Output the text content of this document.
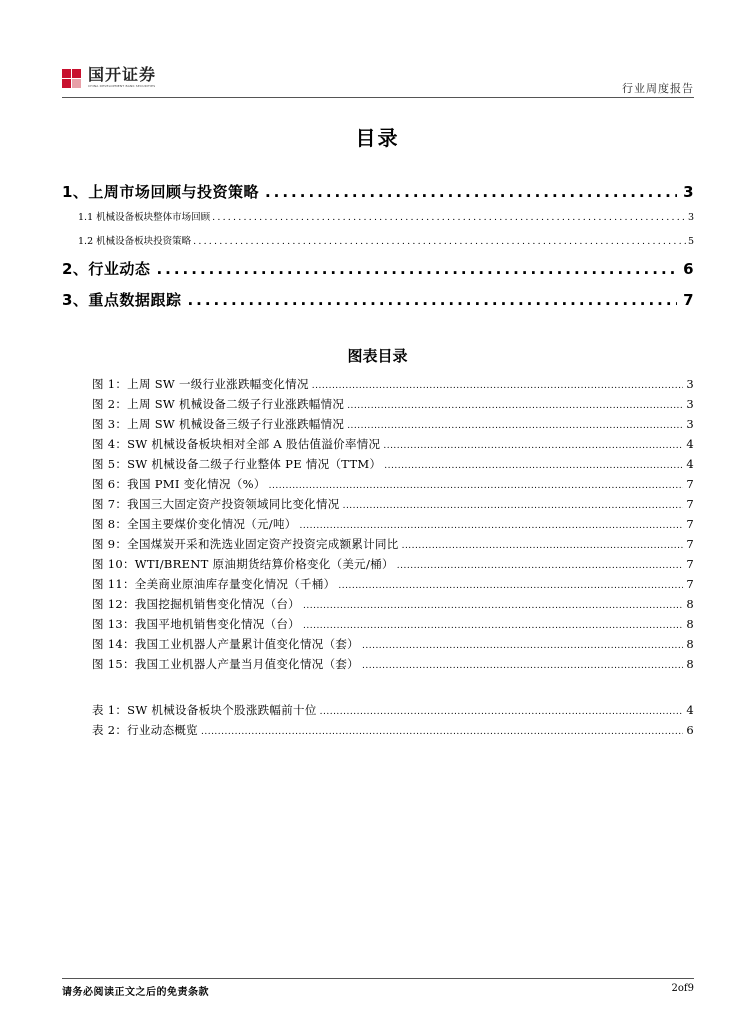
国开证券
CHINA DEVELOPMENT BANK SECURITIES	行业周度报告
目录
1、上周市场回顾与投资策略 .....	3
1.1 机械设备板块整体市场回顾 .....	3
1.2 机械设备板块投资策略 .....	5
2、行业动态 .....	6
3、重点数据跟踪 .....	7
图表目录
图 1：上周 SW 一级行业涨跌幅变化情况 .....	3
图 2：上周 SW 机械设备二级子行业涨跌幅情况 .....	3
图 3：上周 SW 机械设备三级子行业涨跌幅情况 .....	3
图 4：SW 机械设备板块相对全部 A 股估值溢价率情况 .....	4
图 5：SW 机械设备二级子行业整体 PE 情况（TTM） .....	4
图 6：我国 PMI 变化情况（%） .....	7
图 7：我国三大固定资产投资领域同比变化情况 .....	7
图 8：全国主要煤价变化情况（元/吨） .....	7
图 9：全国煤炭开采和洗选业固定资产投资完成额累计同比 .....	7
图 10：WTI/BRENT 原油期货结算价格变化（美元/桶） .....	7
图 11：全美商业原油库存量变化情况（千桶） .....	7
图 12：我国挖掘机销售变化情况（台） .....	8
图 13：我国平地机销售变化情况（台） .....	8
图 14：我国工业机器人产量累计值变化情况（套） .....	8
图 15：我国工业机器人产量当月值变化情况（套） .....	8
表 1：SW 机械设备板块个股涨跌幅前十位 .....	4
表 2：行业动态概览 .....	6
请务必阅读正文之后的免责条款	2of9
